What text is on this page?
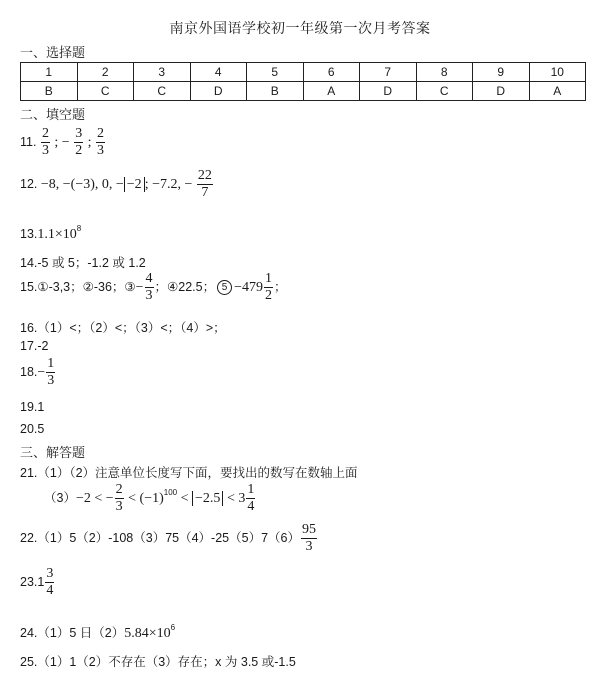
南京外国语学校初一年级第一次月考答案
一、选择题
1	2	3	4	5	6	7	8	9	10
B	C	C	D	B	A	D	C	D	A
二、填空题
11. $\frac{2}{3}$ ; − $\frac{3}{2}$ ; $\frac{2}{3}$
12. −8, −(−3), 0, − −2 ; −7.2, − $\frac{22}{7}$
$13.1.1\times 10^8$
14.-5 或 5；-1.2 或 1.2
15.①-3,3；②-36；③− $\frac{4}{3}$ ；④22.5； $5 -479 \frac{1}{2}$ ；
16.（1）<；（2）<；（3）<；（4）>；
17.-2
$18.- \frac{1}{3}$
19.1
20.5
三、解答题
21.（1）（2）注意单位长度写下面，要找出的数写在数轴上面
（3）−2 < − $\frac{2}{3} < (-1)^{100} < -2.5 < 3 \frac{1}{4}$
$22.(1)5(2)-108(3)75(4)-25(5)7(6) \frac{95}{3}$
$23.1 \frac{3}{4}$
24.（1）5 日$(2)5.84\times 10^6$
25.（1）1（2）不存在（3）存在；x 为 3.5 或-1.5
